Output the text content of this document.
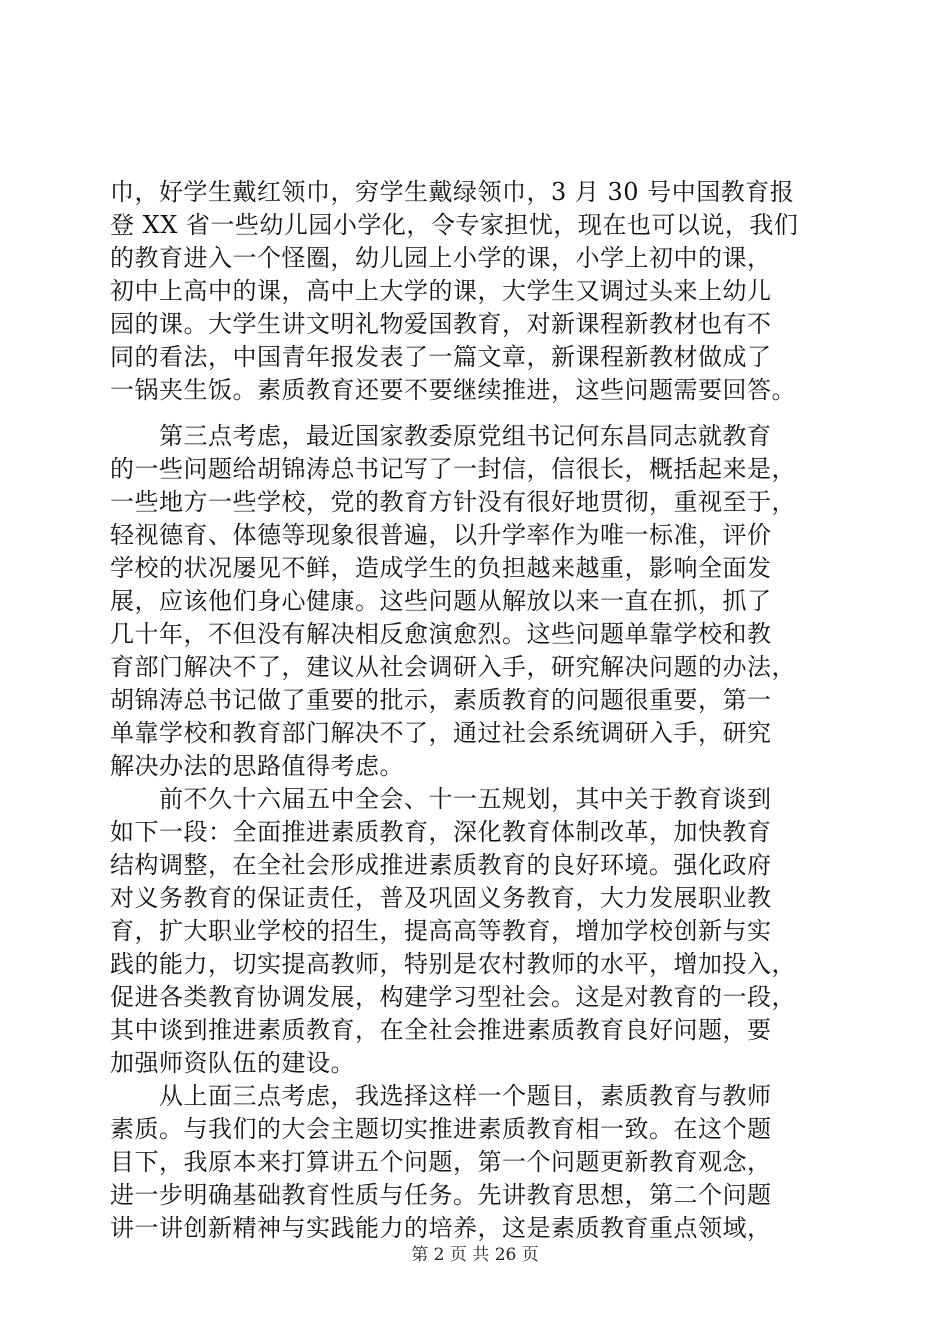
巾，好学生戴红领巾，穷学生戴绿领巾，3 月 30 号中国教育报
登 XX 省一些幼儿园小学化，令专家担忧，现在也可以说，我们
的教育进入一个怪圈，幼儿园上小学的课，小学上初中的课，
初中上高中的课，高中上大学的课，大学生又调过头来上幼儿
园的课。大学生讲文明礼物爱国教育，对新课程新教材也有不
同的看法，中国青年报发表了一篇文章，新课程新教材做成了
一锅夹生饭。素质教育还要不要继续推进，这些问题需要回答。
　　第三点考虑，最近国家教委原党组书记何东昌同志就教育
的一些问题给胡锦涛总书记写了一封信，信很长，概括起来是，
一些地方一些学校，党的教育方针没有很好地贯彻，重视至于，
轻视德育、体德等现象很普遍，以升学率作为唯一标准，评价
学校的状况屡见不鲜，造成学生的负担越来越重，影响全面发
展，应该他们身心健康。这些问题从解放以来一直在抓，抓了
几十年，不但没有解决相反愈演愈烈。这些问题单靠学校和教
育部门解决不了，建议从社会调研入手，研究解决问题的办法，
胡锦涛总书记做了重要的批示，素质教育的问题很重要，第一
单靠学校和教育部门解决不了，通过社会系统调研入手，研究
解决办法的思路值得考虑。
　　前不久十六届五中全会、十一五规划，其中关于教育谈到
如下一段：全面推进素质教育，深化教育体制改革，加快教育
结构调整，在全社会形成推进素质教育的良好环境。强化政府
对义务教育的保证责任，普及巩固义务教育，大力发展职业教
育，扩大职业学校的招生，提高高等教育，增加学校创新与实
践的能力，切实提高教师，特别是农村教师的水平，增加投入，
促进各类教育协调发展，构建学习型社会。这是对教育的一段，
其中谈到推进素质教育，在全社会推进素质教育良好问题，要
加强师资队伍的建设。
　　从上面三点考虑，我选择这样一个题目，素质教育与教师
素质。与我们的大会主题切实推进素质教育相一致。在这个题
目下，我原本来打算讲五个问题，第一个问题更新教育观念，
进一步明确基础教育性质与任务。先讲教育思想，第二个问题
讲一讲创新精神与实践能力的培养，这是素质教育重点领域，
第 2 页 共 26 页
